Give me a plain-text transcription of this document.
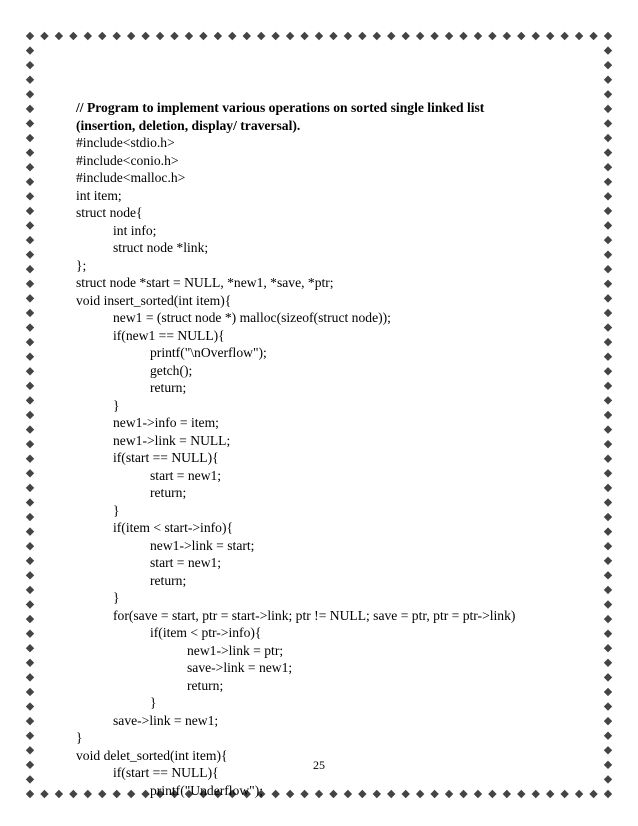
// Program to implement various operations on sorted single linked list
(insertion, deletion, display/ traversal).
#include<stdio.h>
#include<conio.h>
#include<malloc.h>
int item;
struct node{
int info;
struct node *link;
};
struct node *start = NULL, *new1, *save, *ptr;
void insert_sorted(int item){
new1 = (struct node *) malloc(sizeof(struct node));
if(new1 == NULL){
printf("\nOverflow");
getch();
return;
}
new1->info = item;
new1->link = NULL;
if(start == NULL){
start = new1;
return;
}
if(item < start->info){
new1->link = start;
start = new1;
return;
}
for(save = start, ptr = start->link; ptr != NULL; save = ptr, ptr = ptr->link)
if(item < ptr->info){
new1->link = ptr;
save->link = new1;
return;
}
save->link = new1;
}
void delet_sorted(int item){
if(start == NULL){
printf("Underflow");
25
